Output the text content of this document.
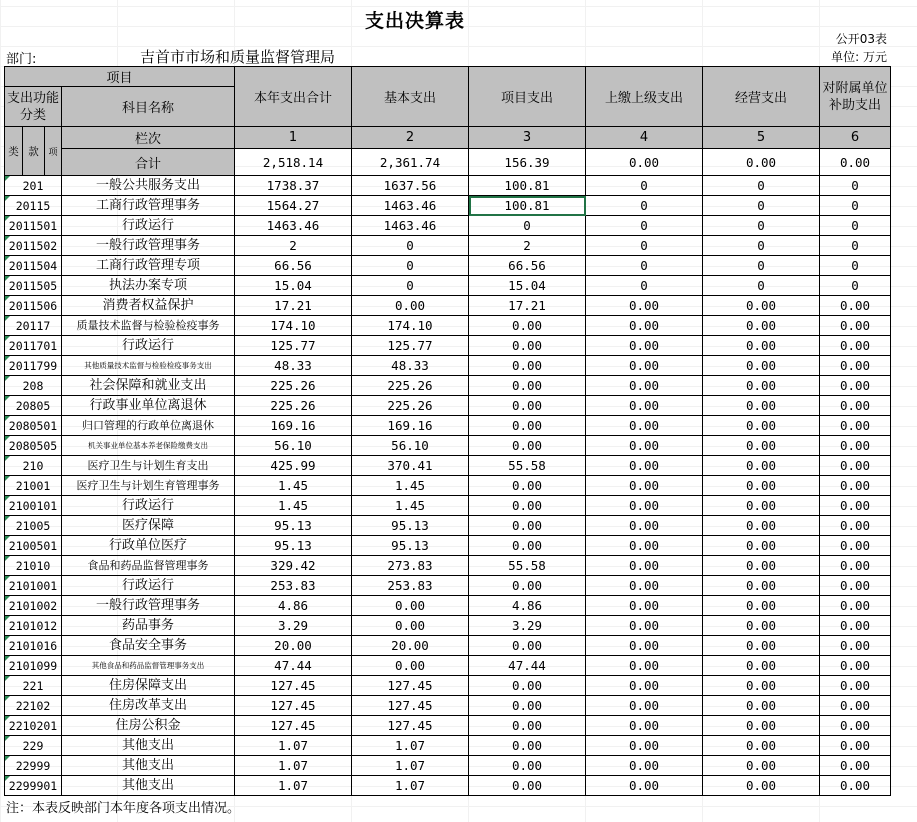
支出决算表
公开03表
部门:	吉首市市场和质量监督管理局	单位: 万元
项目				本年支出合计	基本支出	项目支出	上缴上级支出	经营支出	对附属单位补助支出
支出功能分类			科目名称						

类	款	项	栏次	1	2	3	4	5	6
			合计	2,518.14	2,361.74	156.39	0.00	0.00	0.00
201			一般公共服务支出	1738.37	1637.56	100.81	0	0	0
20115			工商行政管理事务	1564.27	1463.46	100.81	0	0	0
2011501			行政运行	1463.46	1463.46	0	0	0	0
2011502			一般行政管理事务	2	0	2	0	0	0
2011504			工商行政管理专项	66.56	0	66.56	0	0	0
2011505			执法办案专项	15.04	0	15.04	0	0	0
2011506			消费者权益保护	17.21	0.00	17.21	0.00	0.00	0.00
20117			质量技术监督与检验检疫事务	174.10	174.10	0.00	0.00	0.00	0.00
2011701			行政运行	125.77	125.77	0.00	0.00	0.00	0.00
2011799			其他质量技术监督与检验检疫事务支出	48.33	48.33	0.00	0.00	0.00	0.00
208			社会保障和就业支出	225.26	225.26	0.00	0.00	0.00	0.00
20805			行政事业单位离退休	225.26	225.26	0.00	0.00	0.00	0.00
2080501			归口管理的行政单位离退休	169.16	169.16	0.00	0.00	0.00	0.00
2080505			机关事业单位基本养老保险缴费支出	56.10	56.10	0.00	0.00	0.00	0.00
210			医疗卫生与计划生育支出	425.99	370.41	55.58	0.00	0.00	0.00
21001			医疗卫生与计划生育管理事务	1.45	1.45	0.00	0.00	0.00	0.00
2100101			行政运行	1.45	1.45	0.00	0.00	0.00	0.00
21005			医疗保障	95.13	95.13	0.00	0.00	0.00	0.00
2100501			行政单位医疗	95.13	95.13	0.00	0.00	0.00	0.00
21010			食品和药品监督管理事务	329.42	273.83	55.58	0.00	0.00	0.00
2101001			行政运行	253.83	253.83	0.00	0.00	0.00	0.00
2101002			一般行政管理事务	4.86	0.00	4.86	0.00	0.00	0.00
2101012			药品事务	3.29	0.00	3.29	0.00	0.00	0.00
2101016			食品安全事务	20.00	20.00	0.00	0.00	0.00	0.00
2101099			其他食品和药品监督管理事务支出	47.44	0.00	47.44	0.00	0.00	0.00
221			住房保障支出	127.45	127.45	0.00	0.00	0.00	0.00
22102			住房改革支出	127.45	127.45	0.00	0.00	0.00	0.00
2210201			住房公积金	127.45	127.45	0.00	0.00	0.00	0.00
229			其他支出	1.07	1.07	0.00	0.00	0.00	0.00
22999			其他支出	1.07	1.07	0.00	0.00	0.00	0.00
2299901			其他支出	1.07	1.07	0.00	0.00	0.00	0.00
注：本表反映部门本年度各项支出情况。
